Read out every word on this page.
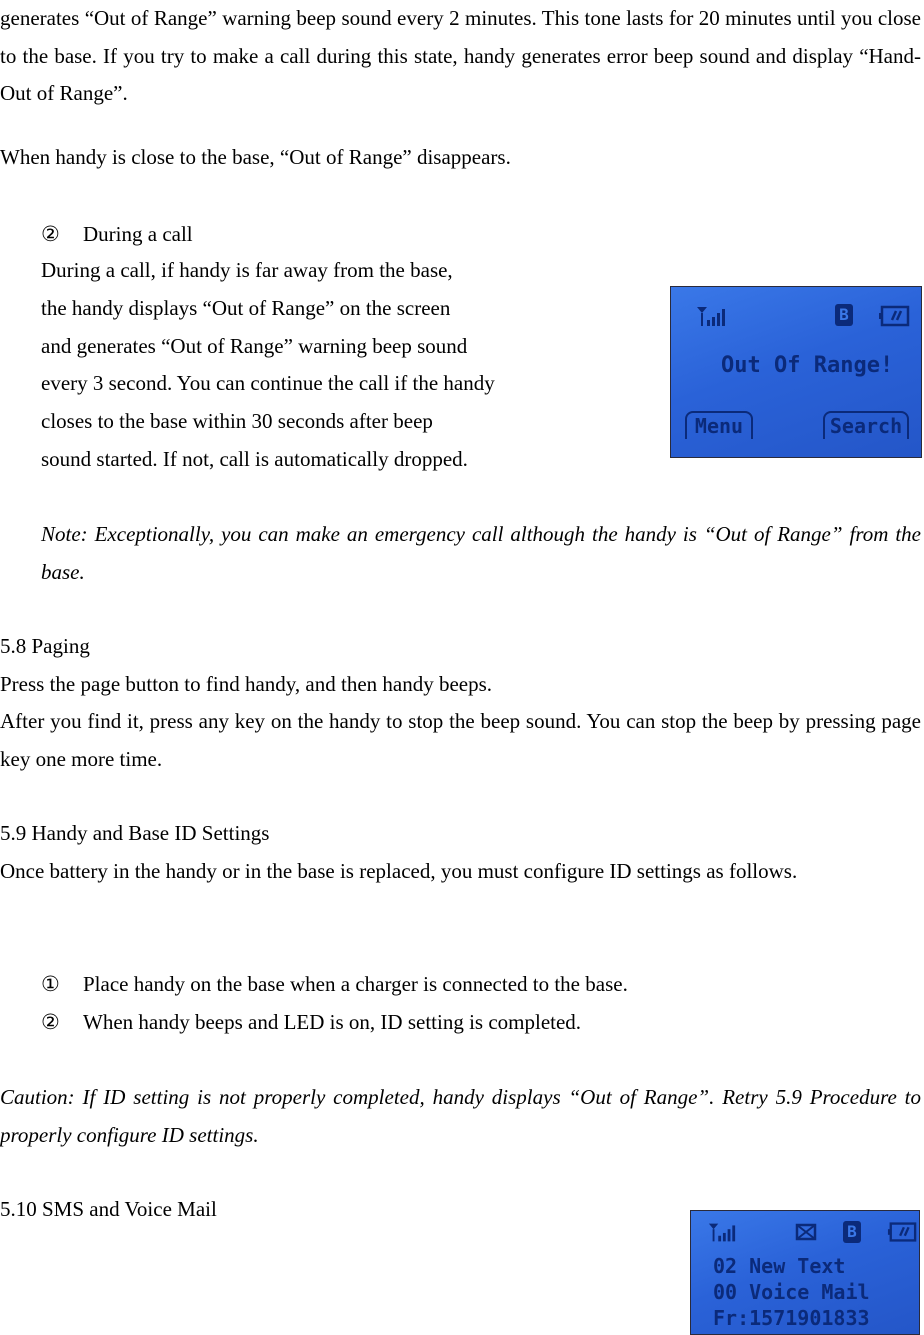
generates “Out of Range” warning beep sound every 2 minutes. This tone lasts for 20 minutes until you close to the base. If you try to make a call during this state, handy generates error beep sound and display “Hand-Out of Range”.

When handy is close to the base, “Out of Range” disappears.

② During a call

During a call, if handy is far away from the base,

the handy displays “Out of Range” on the screen

and generates “Out of Range” warning beep sound

every 3 second. You can continue the call if the handy

closes to the base within 30 seconds after beep

sound started. If not, call is automatically dropped.

B
Out Of Range!
Menu	Search

Note: Exceptionally, you can make an emergency call although the handy is “Out of Range” from the base.

5.8 Paging

Press the page button to find handy, and then handy beeps.

After you find it, press any key on the handy to stop the beep sound. You can stop the beep by pressing page key one more time.

5.9 Handy and Base ID Settings

Once battery in the handy or in the base is replaced, you must configure ID settings as follows.

① Place handy on the base when a charger is connected to the base.

② When handy beeps and LED is on, ID setting is completed.

Caution: If ID setting is not properly completed, handy displays “Out of Range”. Retry 5.9 Procedure to properly configure ID settings.

5.10 SMS and Voice Mail

B
02 New Text
00 Voice Mail
Fr:1571901833
